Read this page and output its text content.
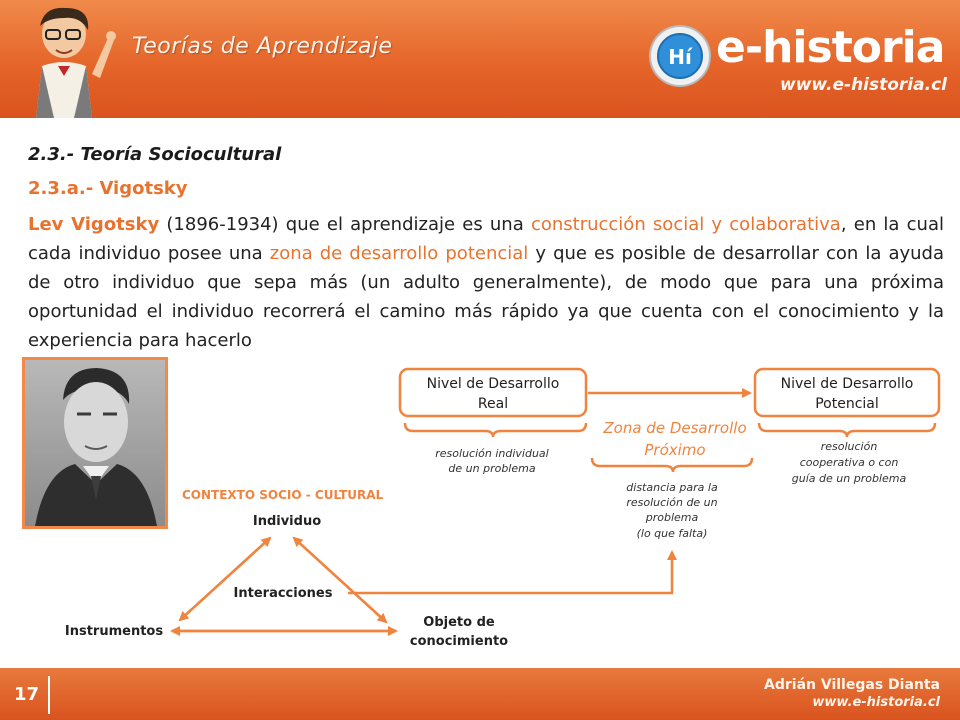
Teorías de Aprendizaje	Hí e-historia
www.e-historia.cl
2.3.- Teoría Sociocultural
2.3.a.- Vigotsky
Lev Vigotsky (1896-1934) que el aprendizaje es una construcción social y colaborativa, en la cual cada individuo posee una zona de desarrollo potencial y que es posible de desarrollar con la ayuda de otro individuo que sepa más (un adulto generalmente), de modo que para una próxima oportunidad el individuo recorrerá el camino más rápido ya que cuenta con el conocimiento y la experiencia para hacerlo
Nivel de Desarrollo
Real
Nivel de Desarrollo
Potencial
Zona de Desarrollo
Próximo
resolución individual
de un problema
resolución
cooperativa o con
guía de un problema
distancia para la
resolución de un
problema
(lo que falta)
CONTEXTO SOCIO - CULTURAL
Individuo
Interacciones
Instrumentos
Objeto de
conocimiento
17	Adrián Villegas Dianta
www.e-historia.cl
